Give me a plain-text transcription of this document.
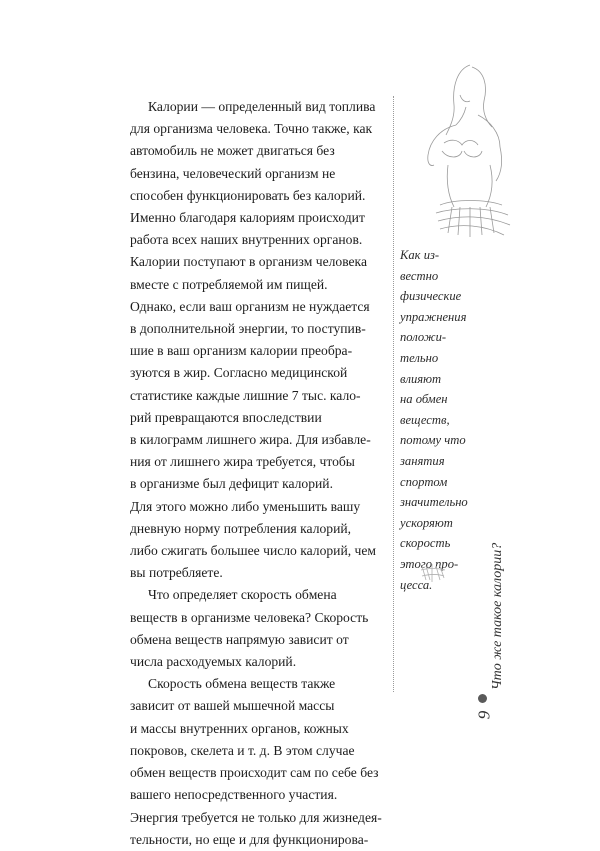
Калории — определенный вид топлива
для организма человека. Точно также, как
автомобиль не может двигаться без
бензина, человеческий организм не
способен функционировать без калорий.
Именно благодаря калориям происходит
работа всех наших внутренних органов.
Калории поступают в организм человека
вместе с потребляемой им пищей.
Однако, если ваш организм не нуждается
в дополнительной энергии, то поступив-
шие в ваш организм калории преобра-
зуются в жир. Согласно медицинской
статистике каждые лишние 7 тыс. кало-
рий превращаются впоследствии
в килограмм лишнего жира. Для избавле-
ния от лишнего жира требуется, чтобы
в организме был дефицит калорий.
Для этого можно либо уменьшить вашу
дневную норму потребления калорий,
либо сжигать большее число калорий, чем
вы потребляете.
Что определяет скорость обмена
веществ в организме человека? Скорость
обмена веществ напрямую зависит от
числа расходуемых калорий.
Скорость обмена веществ также
зависит от вашей мышечной массы
и массы внутренних органов, кожных
покровов, скелета и т. д. В этом случае
обмен веществ происходит сам по себе без
вашего непосредственного участия.
Энергия требуется не только для жизнедея-
тельности, но еще и для функционирова-
Как из-
вестно
физические
упражнения
положи-
тельно
влияют
на обмен
веществ,
потому что
занятия
спортом
значительно
ускоряют
скорость
этого про-
цесса.	Что же такое калории?
9
